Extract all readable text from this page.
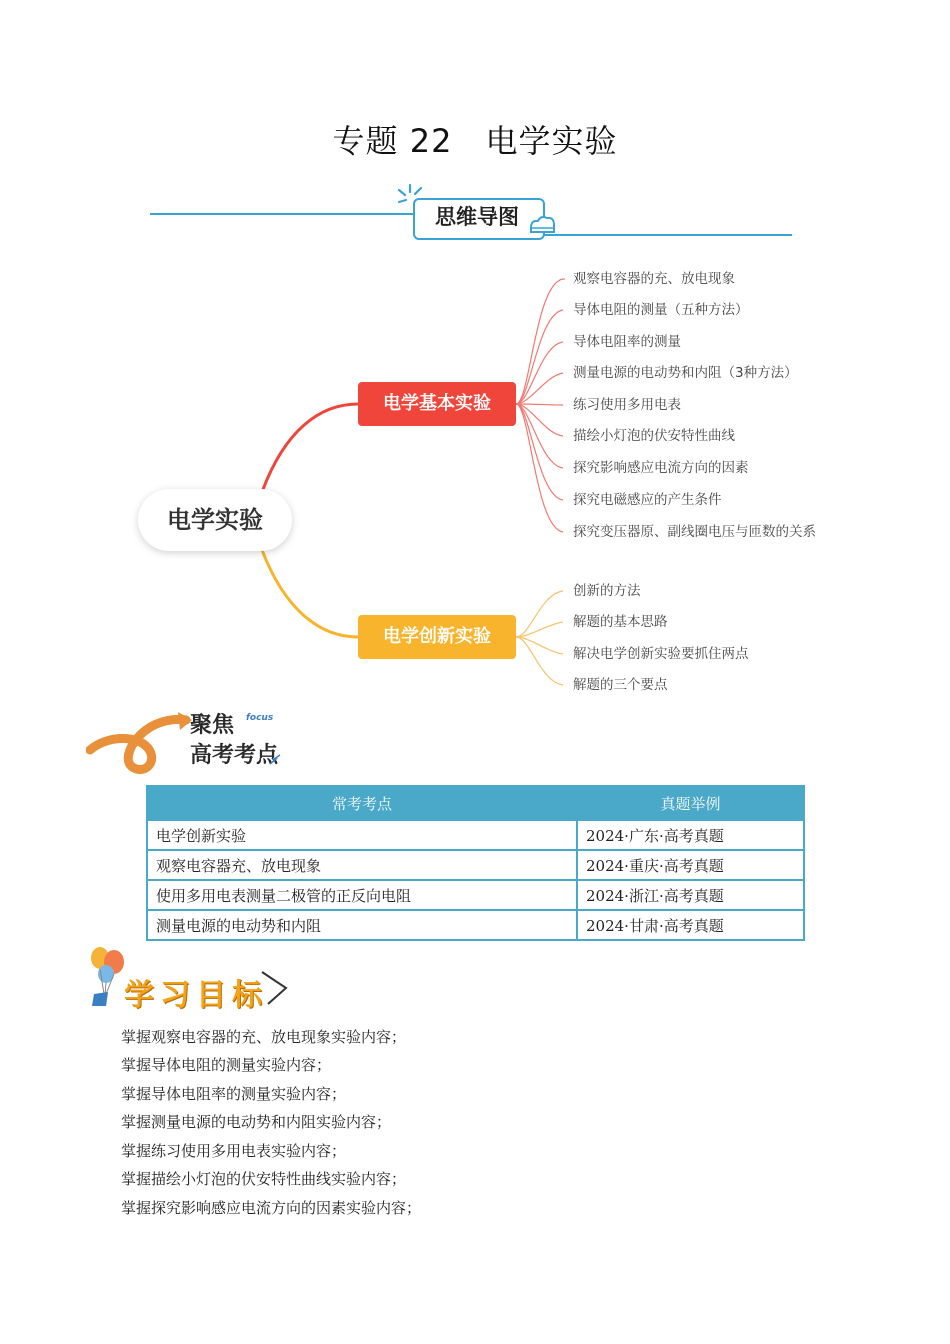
专题 22　电学实验
思维导图
电学实验
电学基本实验
电学创新实验
观察电容器的充、放电现象
导体电阻的测量（五种方法）
导体电阻率的测量
测量电源的电动势和内阻（3种方法）
练习使用多用电表
描绘小灯泡的伏安特性曲线
探究影响感应电流方向的因素
探究电磁感应的产生条件
探究变压器原、副线圈电压与匝数的关系
创新的方法
解题的基本思路
解决电学创新实验要抓住两点
解题的三个要点
聚焦 focus
高考考点
常考考点	真题举例
电学创新实验	2024·广东·高考真题
观察电容器充、放电现象	2024·重庆·高考真题
使用多用电表测量二极管的正反向电阻	2024·浙江·高考真题
测量电源的电动势和内阻	2024·甘肃·高考真题
学习目标
掌握观察电容器的充、放电现象实验内容；
掌握导体电阻的测量实验内容；
掌握导体电阻率的测量实验内容；
掌握测量电源的电动势和内阻实验内容；
掌握练习使用多用电表实验内容；
掌握描绘小灯泡的伏安特性曲线实验内容；
掌握探究影响感应电流方向的因素实验内容；
